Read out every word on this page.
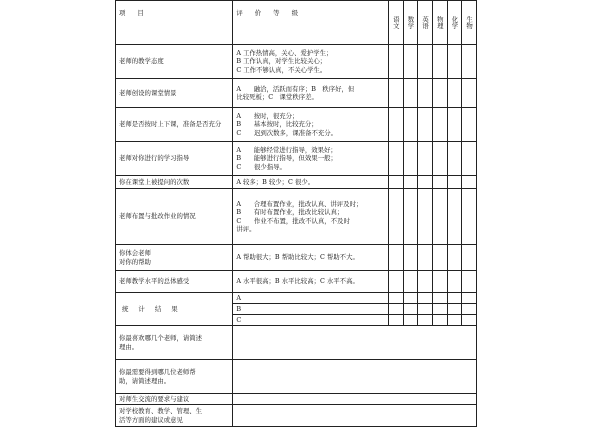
项 目	评 价 等 级	语文	数学	英语	物理	化学	生物

老师的教学态度	A 工作热情高，关心、爱护学生；
B 工作认真，对学生比较关心；
C 工作不够认真，不关心学生。						

老师创设的课堂情景	A　　融洽，活跃而有序；B　秩序好，但
比较死板；C　课堂秩序差。						

老师是否按时上下课，准备是否充分	A　　按时，很充分；
B　　基本按时，比较充分；
C　　迟到次数多，课准备不充分。						

老师对你进行的学习指导	A　　能够经常进行指导，效果好；
B　　能够进行指导，但效果一般；
C　　很少指导。						

你在课堂上被提问的次数	A 较多；B 较少；C 很少。						

老师布置与批改作业的情况	A　　合理布置作业，批改认真、讲评及时；
B　　有时布置作业，批改比较认真；
C　　作业不布置，批改不认真，不及时
讲评。						

你体会老师
对你的帮助	A 帮助很大；B 帮助比较大；C 帮助不大。						

老师教学水平的总体感受	A 水平很高；B 水平比较高；C 水平不高。						

统 计 结 果	A						
	B						
	C						

你最喜欢哪几个老师，请简述
理由。							

你最需要得到哪几位老师帮
助，请简述理由。							

对师生交流的要求与建议							

对学校教育、教学、管理、生
活等方面的建议或意见							
